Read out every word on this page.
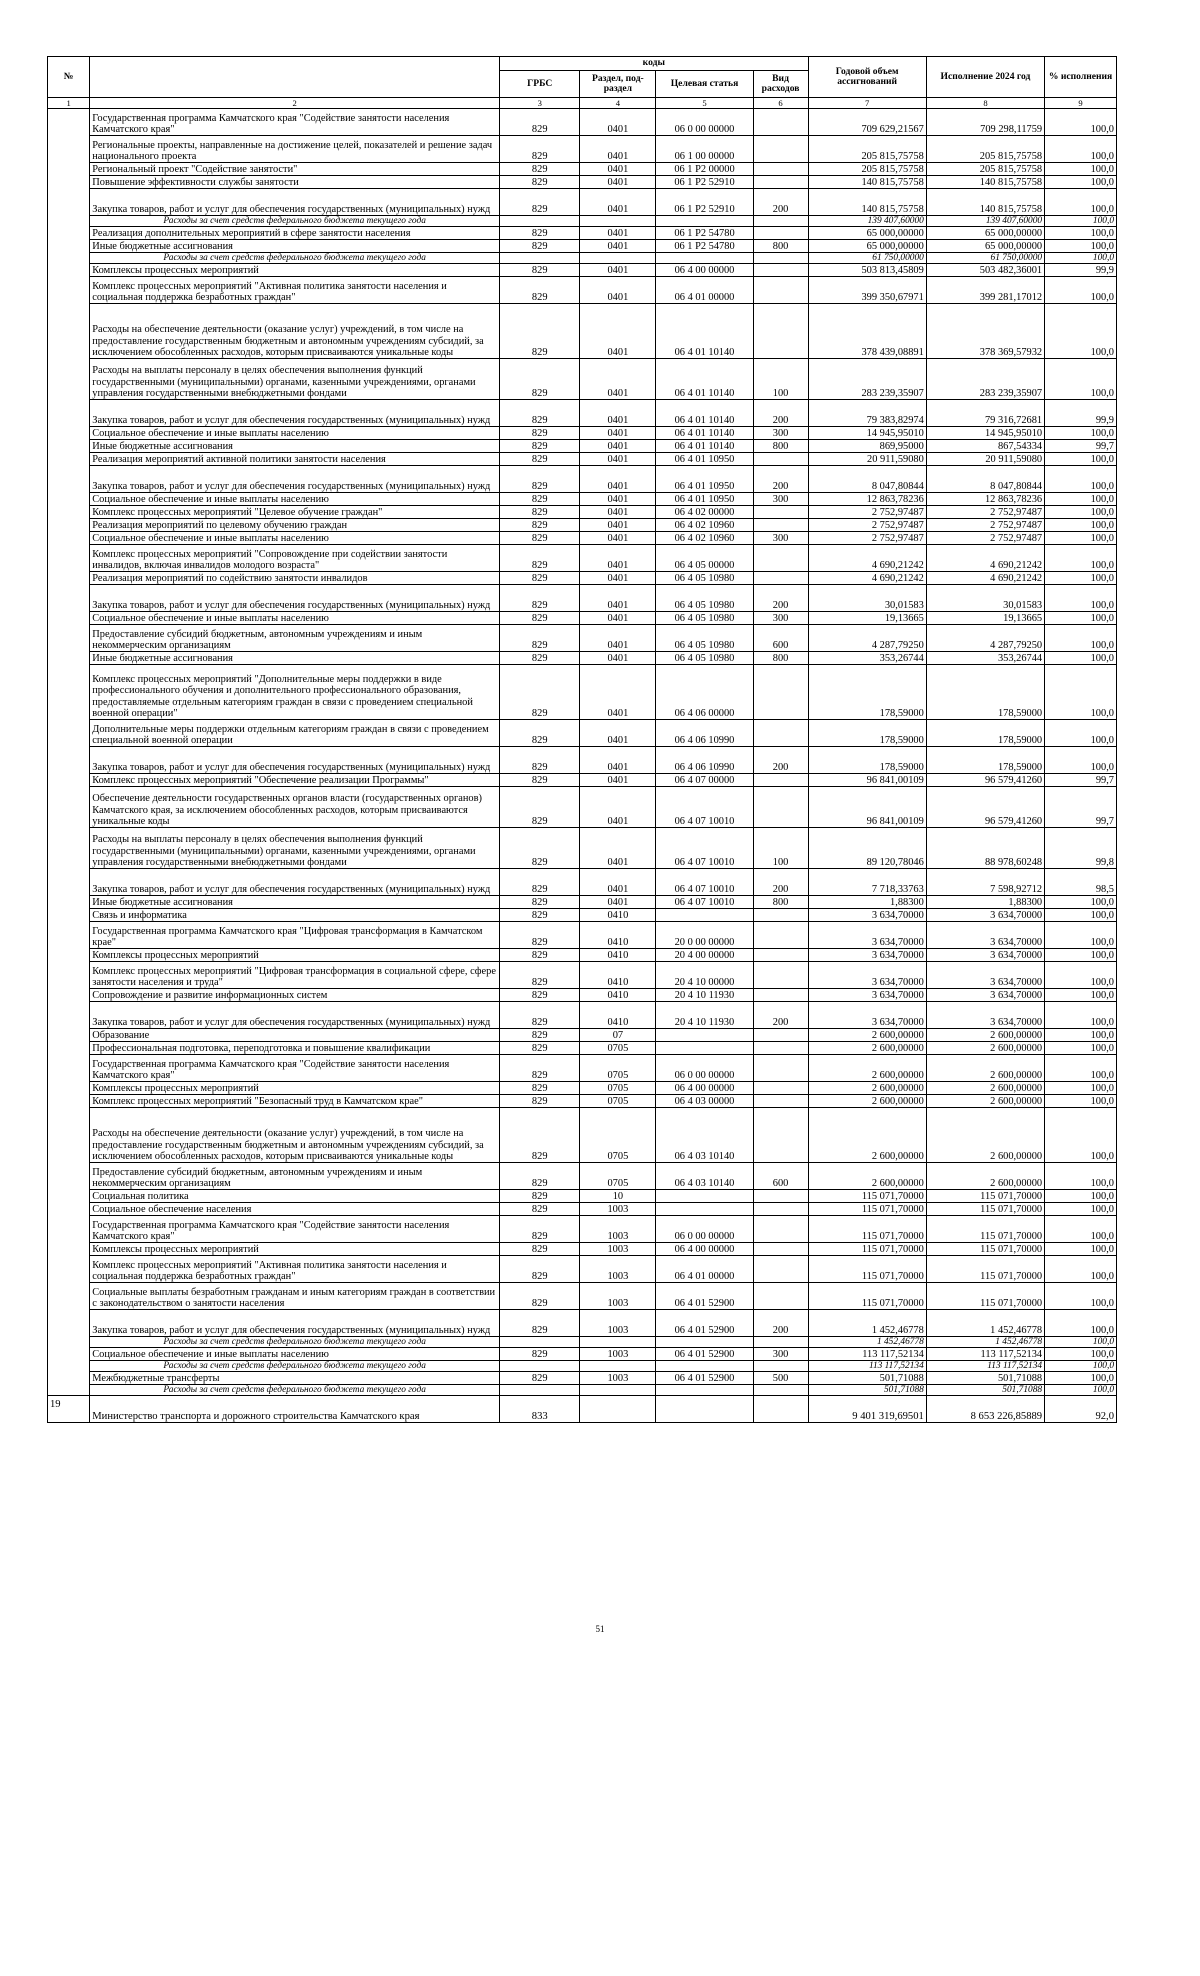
№		коды				Годовой объем ассигнований	Исполнение 2024 год	% исполнения
		ГРБС	Раздел, под-раздел	Целевая статья	Вид расходов			
1	2	3	4	5	6	7	8	9
	Государственная программа Камчатского края "Содействие занятости населения Камчатского края"	829	0401	06 0 00 00000		709 629,21567	709 298,11759	100,0
	Региональные проекты, направленные на достижение целей, показателей и решение задач национального проекта	829	0401	06 1 00 00000		205 815,75758	205 815,75758	100,0
	Региональный проект "Содействие занятости"	829	0401	06 1 P2 00000		205 815,75758	205 815,75758	100,0
	Повышение эффективности службы занятости	829	0401	06 1 P2 52910		140 815,75758	140 815,75758	100,0
	Закупка товаров, работ и услуг для обеспечения государственных (муниципальных) нужд	829	0401	06 1 P2 52910	200	140 815,75758	140 815,75758	100,0
	Расходы за счет средств федерального бюджета текущего года					139 407,60000	139 407,60000	100,0
	Реализация дополнительных мероприятий в сфере занятости населения	829	0401	06 1 P2 54780		65 000,00000	65 000,00000	100,0
	Иные бюджетные ассигнования	829	0401	06 1 P2 54780	800	65 000,00000	65 000,00000	100,0
	Расходы за счет средств федерального бюджета текущего года					61 750,00000	61 750,00000	100,0
	Комплексы процессных мероприятий	829	0401	06 4 00 00000		503 813,45809	503 482,36001	99,9
	Комплекс процессных мероприятий "Активная политика занятости населения и социальная поддержка безработных граждан"	829	0401	06 4 01 00000		399 350,67971	399 281,17012	100,0
	Расходы на обеспечение деятельности (оказание услуг) учреждений, в том числе на предоставление государственным бюджетным и автономным учреждениям субсидий, за исключением обособленных расходов, которым присваиваются уникальные коды	829	0401	06 4 01 10140		378 439,08891	378 369,57932	100,0
	Расходы на выплаты персоналу в целях обеспечения выполнения функций государственными (муниципальными) органами, казенными учреждениями, органами управления государственными внебюджетными фондами	829	0401	06 4 01 10140	100	283 239,35907	283 239,35907	100,0
	Закупка товаров, работ и услуг для обеспечения государственных (муниципальных) нужд	829	0401	06 4 01 10140	200	79 383,82974	79 316,72681	99,9
	Социальное обеспечение и иные выплаты населению	829	0401	06 4 01 10140	300	14 945,95010	14 945,95010	100,0
	Иные бюджетные ассигнования	829	0401	06 4 01 10140	800	869,95000	867,54334	99,7
	Реализация мероприятий активной политики занятости населения	829	0401	06 4 01 10950		20 911,59080	20 911,59080	100,0
	Закупка товаров, работ и услуг для обеспечения государственных (муниципальных) нужд	829	0401	06 4 01 10950	200	8 047,80844	8 047,80844	100,0
	Социальное обеспечение и иные выплаты населению	829	0401	06 4 01 10950	300	12 863,78236	12 863,78236	100,0
	Комплекс процессных мероприятий "Целевое обучение граждан"	829	0401	06 4 02 00000		2 752,97487	2 752,97487	100,0
	Реализация мероприятий по целевому обучению граждан	829	0401	06 4 02 10960		2 752,97487	2 752,97487	100,0
	Социальное обеспечение и иные выплаты населению	829	0401	06 4 02 10960	300	2 752,97487	2 752,97487	100,0
	Комплекс процессных мероприятий "Сопровождение при содействии занятости инвалидов, включая инвалидов молодого возраста"	829	0401	06 4 05 00000		4 690,21242	4 690,21242	100,0
	Реализация мероприятий по содействию занятости инвалидов	829	0401	06 4 05 10980		4 690,21242	4 690,21242	100,0
	Закупка товаров, работ и услуг для обеспечения государственных (муниципальных) нужд	829	0401	06 4 05 10980	200	30,01583	30,01583	100,0
	Социальное обеспечение и иные выплаты населению	829	0401	06 4 05 10980	300	19,13665	19,13665	100,0
	Предоставление субсидий бюджетным, автономным учреждениям и иным некоммерческим организациям	829	0401	06 4 05 10980	600	4 287,79250	4 287,79250	100,0
	Иные бюджетные ассигнования	829	0401	06 4 05 10980	800	353,26744	353,26744	100,0
	Комплекс процессных мероприятий "Дополнительные меры поддержки в виде профессионального обучения и дополнительного профессионального образования, предоставляемые отдельным категориям граждан в связи с проведением специальной военной операции"	829	0401	06 4 06 00000		178,59000	178,59000	100,0
	Дополнительные меры поддержки отдельным категориям граждан в связи с проведением специальной военной операции	829	0401	06 4 06 10990		178,59000	178,59000	100,0
	Закупка товаров, работ и услуг для обеспечения государственных (муниципальных) нужд	829	0401	06 4 06 10990	200	178,59000	178,59000	100,0
	Комплекс процессных мероприятий "Обеспечение реализации Программы"	829	0401	06 4 07 00000		96 841,00109	96 579,41260	99,7
	Обеспечение деятельности государственных органов власти (государственных органов) Камчатского края, за исключением обособленных расходов, которым присваиваются уникальные коды	829	0401	06 4 07 10010		96 841,00109	96 579,41260	99,7
	Расходы на выплаты персоналу в целях обеспечения выполнения функций государственными (муниципальными) органами, казенными учреждениями, органами управления государственными внебюджетными фондами	829	0401	06 4 07 10010	100	89 120,78046	88 978,60248	99,8
	Закупка товаров, работ и услуг для обеспечения государственных (муниципальных) нужд	829	0401	06 4 07 10010	200	7 718,33763	7 598,92712	98,5
	Иные бюджетные ассигнования	829	0401	06 4 07 10010	800	1,88300	1,88300	100,0
	Связь и информатика	829	0410			3 634,70000	3 634,70000	100,0
	Государственная программа Камчатского края "Цифровая трансформация в Камчатском крае"	829	0410	20 0 00 00000		3 634,70000	3 634,70000	100,0
	Комплексы процессных мероприятий	829	0410	20 4 00 00000		3 634,70000	3 634,70000	100,0
	Комплекс процессных мероприятий "Цифровая трансформация в социальной сфере, сфере занятости населения и труда"	829	0410	20 4 10 00000		3 634,70000	3 634,70000	100,0
	Сопровождение и развитие информационных систем	829	0410	20 4 10 11930		3 634,70000	3 634,70000	100,0
	Закупка товаров, работ и услуг для обеспечения государственных (муниципальных) нужд	829	0410	20 4 10 11930	200	3 634,70000	3 634,70000	100,0
	Образование	829	07			2 600,00000	2 600,00000	100,0
	Профессиональная подготовка, переподготовка и повышение квалификации	829	0705			2 600,00000	2 600,00000	100,0
	Государственная программа Камчатского края "Содействие занятости населения Камчатского края"	829	0705	06 0 00 00000		2 600,00000	2 600,00000	100,0
	Комплексы процессных мероприятий	829	0705	06 4 00 00000		2 600,00000	2 600,00000	100,0
	Комплекс процессных мероприятий "Безопасный труд в Камчатском крае"	829	0705	06 4 03 00000		2 600,00000	2 600,00000	100,0
	Расходы на обеспечение деятельности (оказание услуг) учреждений, в том числе на предоставление государственным бюджетным и автономным учреждениям субсидий, за исключением обособленных расходов, которым присваиваются уникальные коды	829	0705	06 4 03 10140		2 600,00000	2 600,00000	100,0
	Предоставление субсидий бюджетным, автономным учреждениям и иным некоммерческим организациям	829	0705	06 4 03 10140	600	2 600,00000	2 600,00000	100,0
	Социальная политика	829	10			115 071,70000	115 071,70000	100,0
	Социальное обеспечение населения	829	1003			115 071,70000	115 071,70000	100,0
	Государственная программа Камчатского края "Содействие занятости населения Камчатского края"	829	1003	06 0 00 00000		115 071,70000	115 071,70000	100,0
	Комплексы процессных мероприятий	829	1003	06 4 00 00000		115 071,70000	115 071,70000	100,0
	Комплекс процессных мероприятий "Активная политика занятости населения и социальная поддержка безработных граждан"	829	1003	06 4 01 00000		115 071,70000	115 071,70000	100,0
	Социальные выплаты безработным гражданам и иным категориям граждан в соответствии с законодательством о занятости населения	829	1003	06 4 01 52900		115 071,70000	115 071,70000	100,0
	Закупка товаров, работ и услуг для обеспечения государственных (муниципальных) нужд	829	1003	06 4 01 52900	200	1 452,46778	1 452,46778	100,0
	Расходы за счет средств федерального бюджета текущего года					1 452,46778	1 452,46778	100,0
	Социальное обеспечение и иные выплаты населению	829	1003	06 4 01 52900	300	113 117,52134	113 117,52134	100,0
	Расходы за счет средств федерального бюджета текущего года					113 117,52134	113 117,52134	100,0
	Межбюджетные трансферты	829	1003	06 4 01 52900	500	501,71088	501,71088	100,0
	Расходы за счет средств федерального бюджета текущего года					501,71088	501,71088	100,0
19	Министерство транспорта и дорожного строительства Камчатского края	833				9 401 319,69501	8 653 226,85889	92,0
51
